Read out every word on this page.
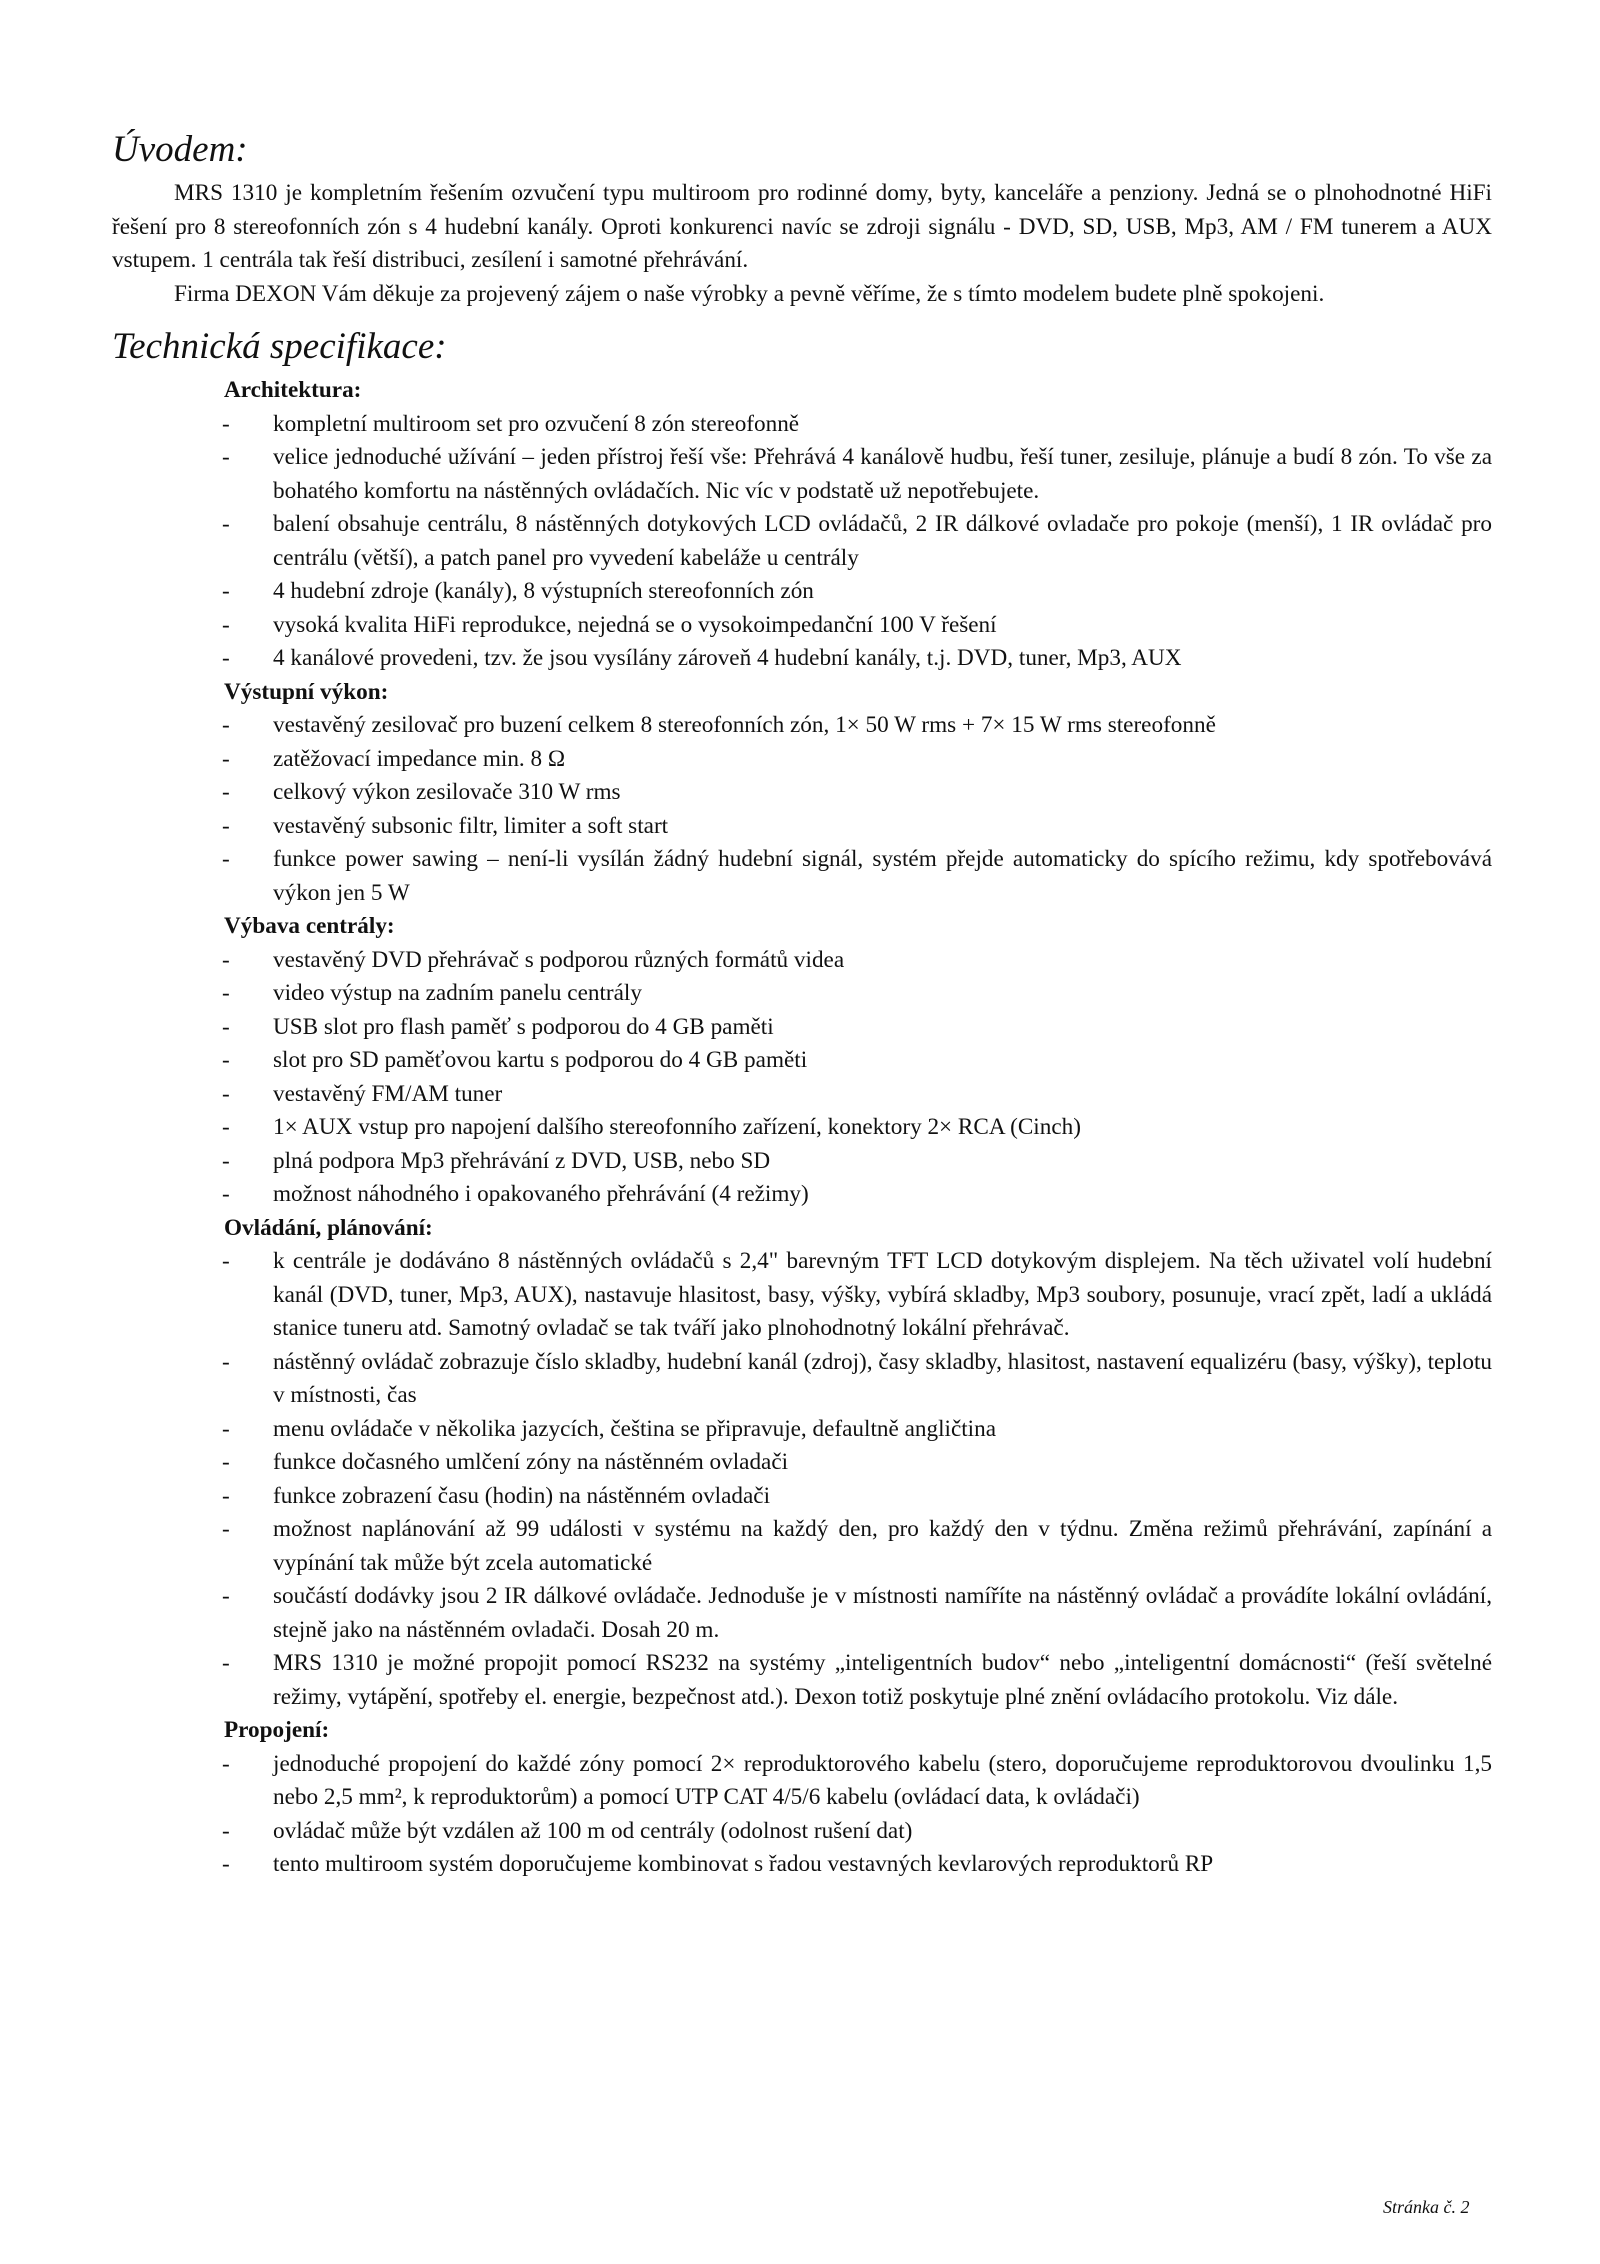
Úvodem:

MRS 1310 je kompletním řešením ozvučení typu multiroom pro rodinné domy, byty, kanceláře a penziony. Jedná se o plnohodnotné HiFi řešení pro 8 stereofonních zón s 4 hudební kanály. Oproti konkurenci navíc se zdroji signálu - DVD, SD, USB, Mp3, AM / FM tunerem a AUX vstupem. 1 centrála tak řeší distribuci, zesílení i samotné přehrávání.

Firma DEXON Vám děkuje za projevený zájem o naše výrobky a pevně věříme, že s tímto modelem budete plně spokojeni.

Technická specifikace:
Architektura:
- kompletní multiroom set pro ozvučení 8 zón stereofonně
- velice jednoduché užívání – jeden přístroj řeší vše: Přehrává 4 kanálově hudbu, řeší tuner, zesiluje, plánuje a budí 8 zón. To vše za bohatého komfortu na nástěnných ovládačích. Nic víc v podstatě už nepotřebujete.
- balení obsahuje centrálu, 8 nástěnných dotykových LCD ovládačů, 2 IR dálkové ovladače pro pokoje (menší), 1 IR ovládač pro centrálu (větší), a patch panel pro vyvedení kabeláže u centrály
- 4 hudební zdroje (kanály), 8 výstupních stereofonních zón
- vysoká kvalita HiFi reprodukce, nejedná se o vysokoimpedanční 100 V řešení
- 4 kanálové provedeni, tzv. že jsou vysílány zároveň 4 hudební kanály, t.j. DVD, tuner, Mp3, AUX
Výstupní výkon:
- vestavěný zesilovač pro buzení celkem 8 stereofonních zón, 1× 50 W rms + 7× 15 W rms stereofonně
- zatěžovací impedance min. 8 Ω
- celkový výkon zesilovače 310 W rms
- vestavěný subsonic filtr, limiter a soft start
- funkce power sawing – není-li vysílán žádný hudební signál, systém přejde automaticky do spícího režimu, kdy spotřebovává výkon jen 5 W
Výbava centrály:
- vestavěný DVD přehrávač s podporou různých formátů videa
- video výstup na zadním panelu centrály
- USB slot pro flash paměť s podporou do 4 GB paměti
- slot pro SD paměťovou kartu s podporou do 4 GB paměti
- vestavěný FM/AM tuner
- 1× AUX vstup pro napojení dalšího stereofonního zařízení, konektory 2× RCA (Cinch)
- plná podpora Mp3 přehrávání z DVD, USB, nebo SD
- možnost náhodného i opakovaného přehrávání (4 režimy)
Ovládání, plánování:
- k centrále je dodáváno 8 nástěnných ovládačů s 2,4" barevným TFT LCD dotykovým displejem. Na těch uživatel volí hudební kanál (DVD, tuner, Mp3, AUX), nastavuje hlasitost, basy, výšky, vybírá skladby, Mp3 soubory, posunuje, vrací zpět, ladí a ukládá stanice tuneru atd. Samotný ovladač se tak tváří jako plnohodnotný lokální přehrávač.
- nástěnný ovládač zobrazuje číslo skladby, hudební kanál (zdroj), časy skladby, hlasitost, nastavení equalizéru (basy, výšky), teplotu v místnosti, čas
- menu ovládače v několika jazycích, čeština se připravuje, defaultně angličtina
- funkce dočasného umlčení zóny na nástěnném ovladači
- funkce zobrazení času (hodin) na nástěnném ovladači
- možnost naplánování až 99 události v systému na každý den, pro každý den v týdnu. Změna režimů přehrávání, zapínání a vypínání tak může být zcela automatické
- součástí dodávky jsou 2 IR dálkové ovládače. Jednoduše je v místnosti namíříte na nástěnný ovládač a provádíte lokální ovládání, stejně jako na nástěnném ovladači. Dosah 20 m.
- MRS 1310 je možné propojit pomocí RS232 na systémy „inteligentních budov“ nebo „inteligentní domácnosti“ (řeší světelné režimy, vytápění, spotřeby el. energie, bezpečnost atd.). Dexon totiž poskytuje plné znění ovládacího protokolu. Viz dále.
Propojení:
- jednoduché propojení do každé zóny pomocí 2× reproduktorového kabelu (stero, doporučujeme reproduktorovou dvoulinku 1,5 nebo 2,5 mm², k reproduktorům) a pomocí UTP CAT 4/5/6 kabelu (ovládací data, k ovládači)
- ovládač může být vzdálen až 100 m od centrály (odolnost rušení dat)
- tento multiroom systém doporučujeme kombinovat s řadou vestavných kevlarových reproduktorů RP
Stránka č. 2
